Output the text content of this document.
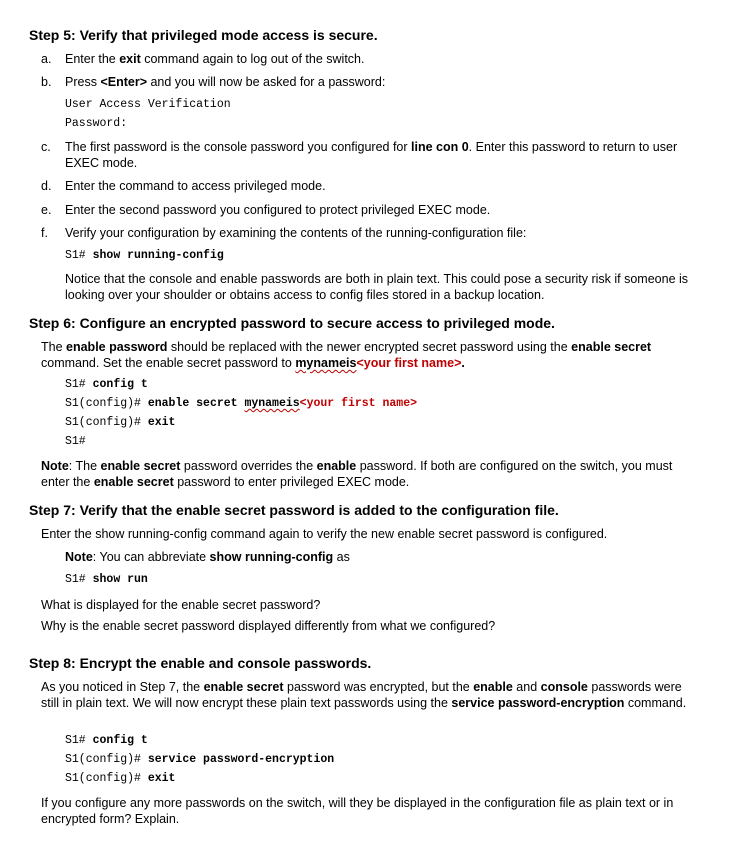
Step 5: Verify that privileged mode access is secure.
a.	Enter the exit command again to log out of the switch.
b.	Press <Enter> and you will now be asked for a password:
User Access Verification
Password:
c.	The first password is the console password you configured for line con 0. Enter this password to return to user EXEC mode.
d.	Enter the command to access privileged mode.
e.	Enter the second password you configured to protect privileged EXEC mode.
f.	Verify your configuration by examining the contents of the running-configuration file:
S1# show running-config
Notice that the console and enable passwords are both in plain text. This could pose a security risk if someone is looking over your shoulder or obtains access to config files stored in a backup location.
Step 6: Configure an encrypted password to secure access to privileged mode.
The enable password should be replaced with the newer encrypted secret password using the enable secret command. Set the enable secret password to mynameis<your first name>.
S1# config t
S1(config)# enable secret mynameis<your first name>
S1(config)# exit
S1#
Note: The enable secret password overrides the enable password. If both are configured on the switch, you must enter the enable secret password to enter privileged EXEC mode.
Step 7: Verify that the enable secret password is added to the configuration file.
Enter the show running-config command again to verify the new enable secret password is configured.
Note: You can abbreviate show running-config as
S1# show run
What is displayed for the enable secret password?
Why is the enable secret password displayed differently from what we configured?
Step 8: Encrypt the enable and console passwords.
As you noticed in Step 7, the enable secret password was encrypted, but the enable and console passwords were still in plain text. We will now encrypt these plain text passwords using the service password-encryption command.
S1# config t
S1(config)# service password-encryption
S1(config)# exit
If you configure any more passwords on the switch, will they be displayed in the configuration file as plain text or in encrypted form? Explain.
